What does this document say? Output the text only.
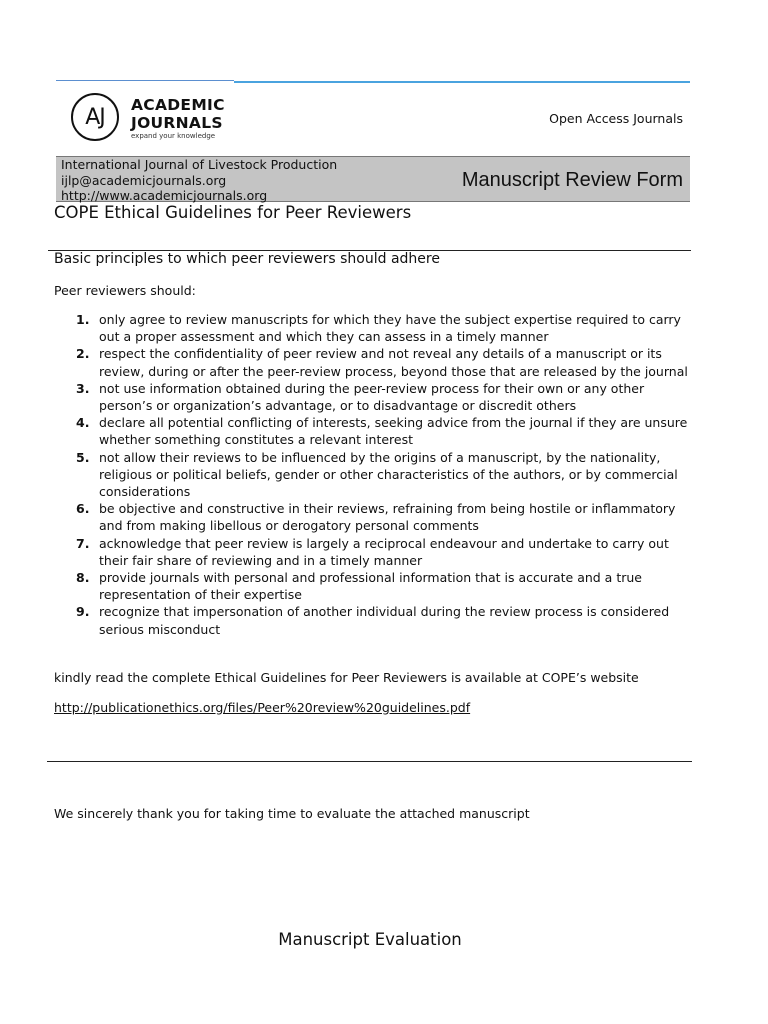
AJ	ACADEMIC
JOURNALS
expand your knowledge
Open Access Journals
International Journal of Livestock Production
ijlp@academicjournals.org
http://www.academicjournals.org
Manuscript Review Form
COPE Ethical Guidelines for Peer Reviewers
Basic principles to which peer reviewers should adhere
Peer reviewers should:
1. only agree to review manuscripts for which they have the subject expertise required to carry out a proper assessment and which they can assess in a timely manner
2. respect the confidentiality of peer review and not reveal any details of a manuscript or its review, during or after the peer-review process, beyond those that are released by the journal
3. not use information obtained during the peer-review process for their own or any other person’s or organization’s advantage, or to disadvantage or discredit others
4. declare all potential conflicting of interests, seeking advice from the journal if they are unsure whether something constitutes a relevant interest
5. not allow their reviews to be influenced by the origins of a manuscript, by the nationality, religious or political beliefs, gender or other characteristics of the authors, or by commercial considerations
6. be objective and constructive in their reviews, refraining from being hostile or inflammatory and from making libellous or derogatory personal comments
7. acknowledge that peer review is largely a reciprocal endeavour and undertake to carry out their fair share of reviewing and in a timely manner
8. provide journals with personal and professional information that is accurate and a true representation of their expertise
9. recognize that impersonation of another individual during the review process is considered serious misconduct
kindly read the complete Ethical Guidelines for Peer Reviewers is available at COPE’s website
http://publicationethics.org/files/Peer%20review%20guidelines.pdf
We sincerely thank you for taking time to evaluate the attached manuscript
Manuscript Evaluation
